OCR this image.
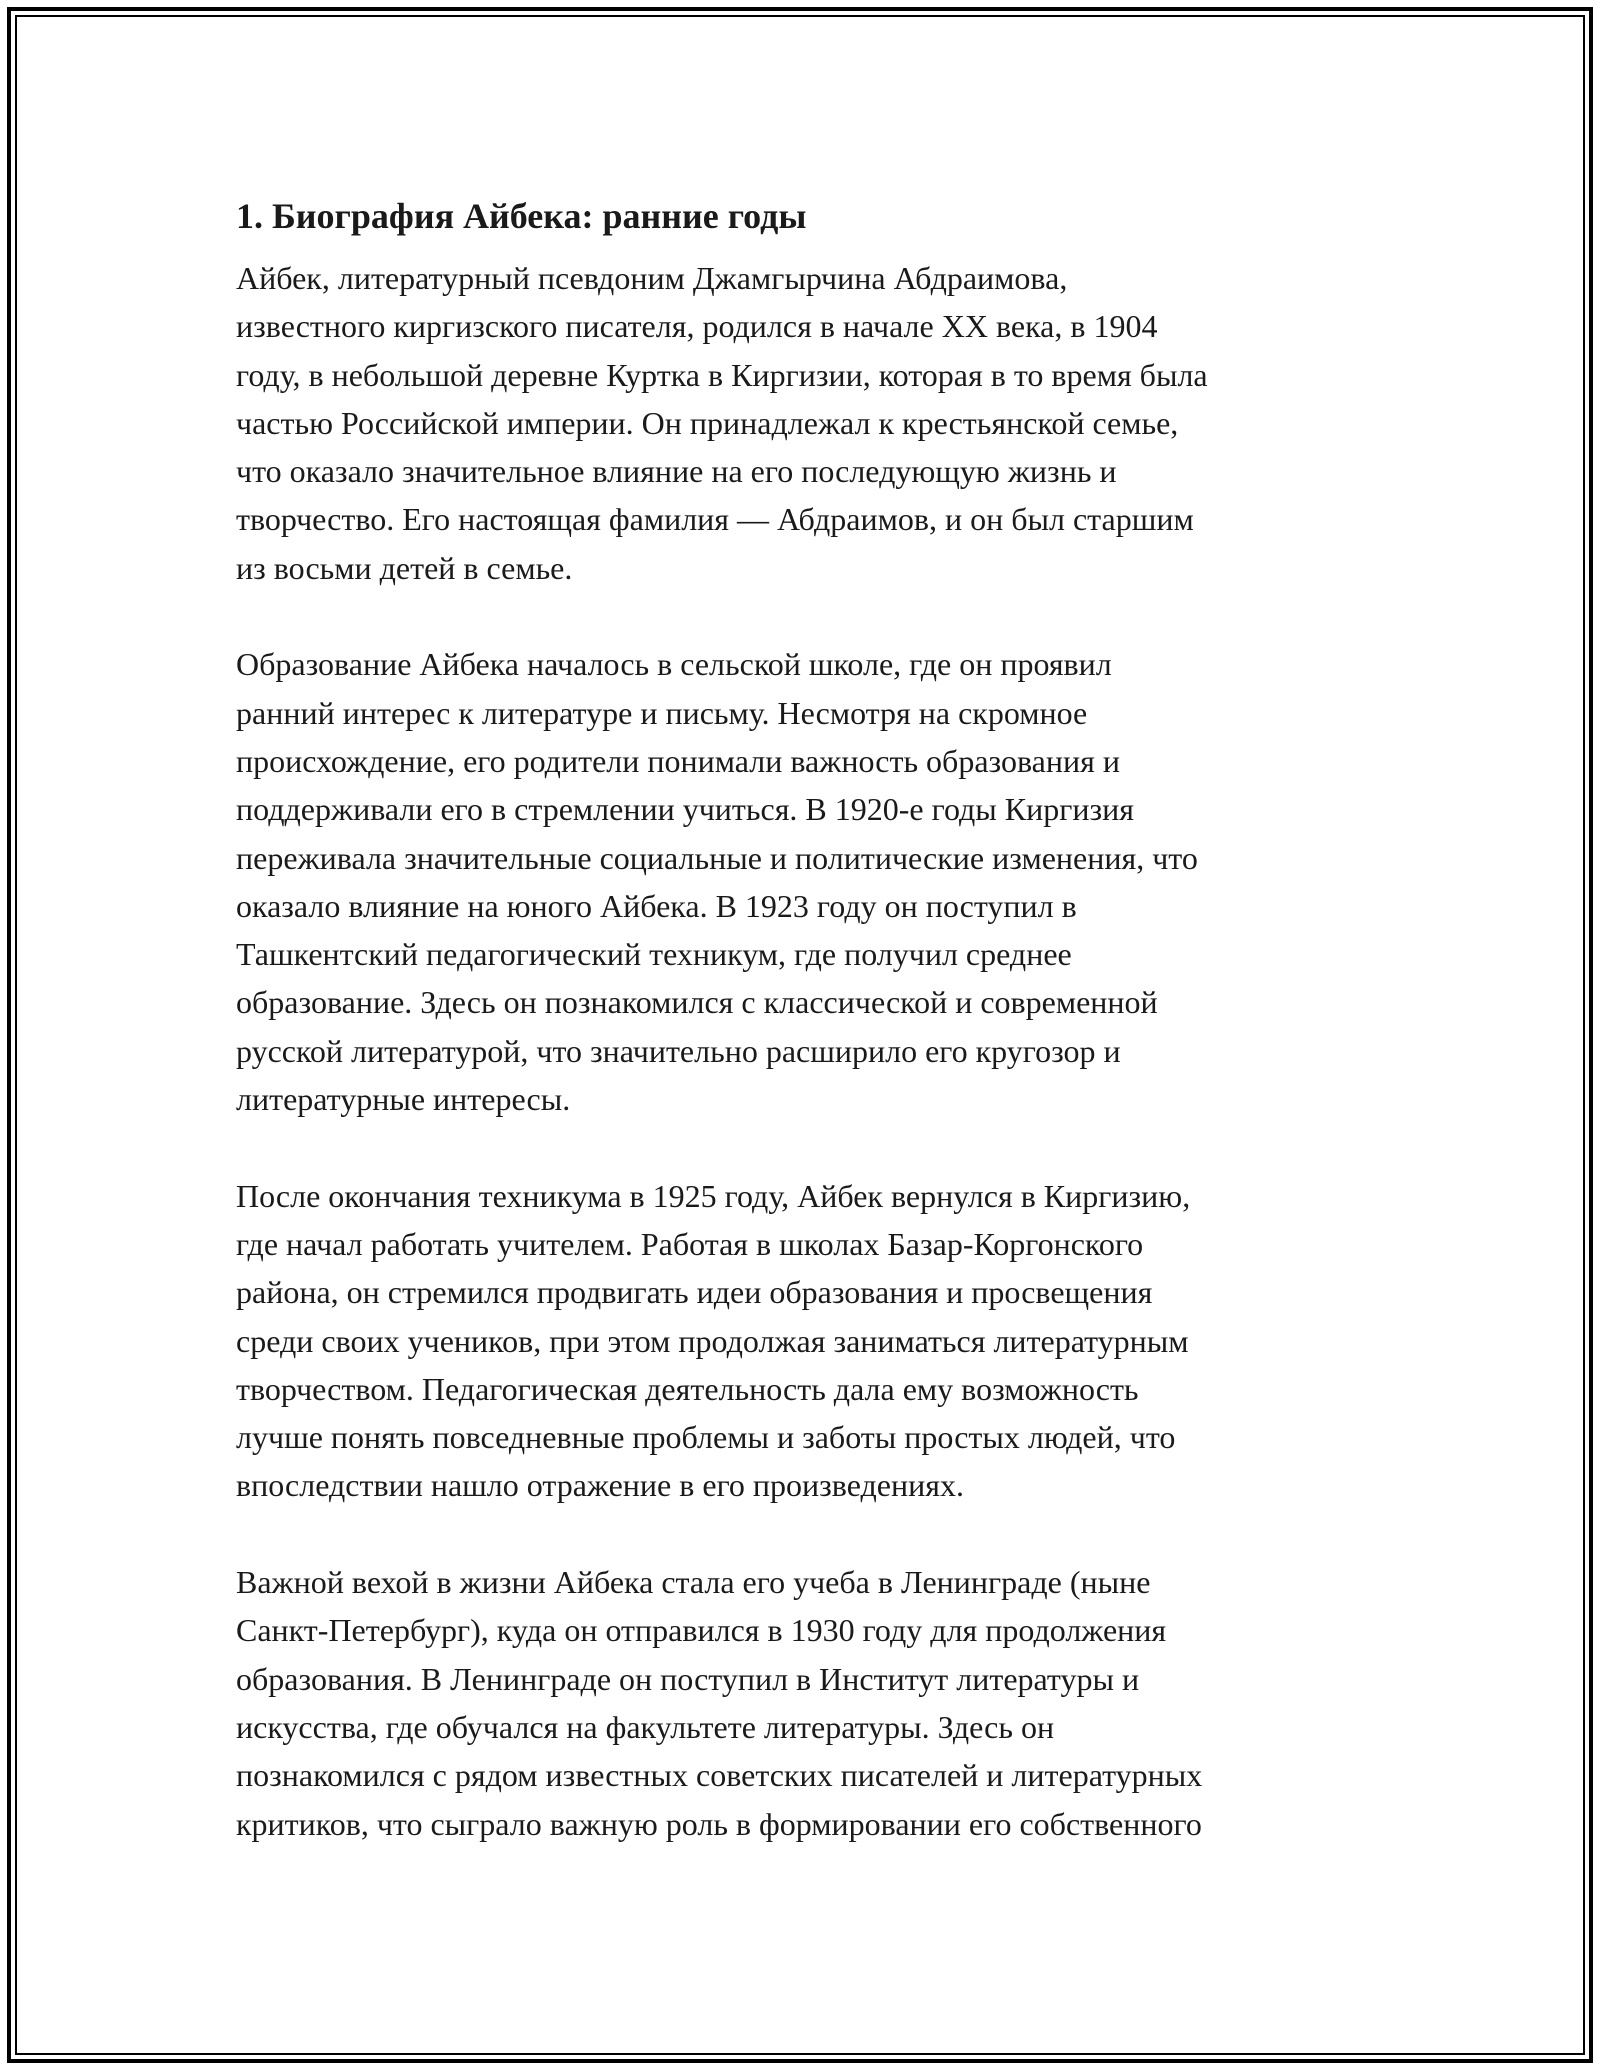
1. Биография Айбека: ранние годы

Айбек, литературный псевдоним Джамгырчина Абдраимова,
известного киргизского писателя, родился в начале XX века, в 1904
году, в небольшой деревне Куртка в Киргизии, которая в то время была
частью Российской империи. Он принадлежал к крестьянской семье,
что оказало значительное влияние на его последующую жизнь и
творчество. Его настоящая фамилия — Абдраимов, и он был старшим
из восьми детей в семье.

Образование Айбека началось в сельской школе, где он проявил
ранний интерес к литературе и письму. Несмотря на скромное
происхождение, его родители понимали важность образования и
поддерживали его в стремлении учиться. В 1920-е годы Киргизия
переживала значительные социальные и политические изменения, что
оказало влияние на юного Айбека. В 1923 году он поступил в
Ташкентский педагогический техникум, где получил среднее
образование. Здесь он познакомился с классической и современной
русской литературой, что значительно расширило его кругозор и
литературные интересы.

После окончания техникума в 1925 году, Айбек вернулся в Киргизию,
где начал работать учителем. Работая в школах Базар-Коргонского
района, он стремился продвигать идеи образования и просвещения
среди своих учеников, при этом продолжая заниматься литературным
творчеством. Педагогическая деятельность дала ему возможность
лучше понять повседневные проблемы и заботы простых людей, что
впоследствии нашло отражение в его произведениях.

Важной вехой в жизни Айбека стала его учеба в Ленинграде (ныне
Санкт-Петербург), куда он отправился в 1930 году для продолжения
образования. В Ленинграде он поступил в Институт литературы и
искусства, где обучался на факультете литературы. Здесь он
познакомился с рядом известных советских писателей и литературных
критиков, что сыграло важную роль в формировании его собственного
